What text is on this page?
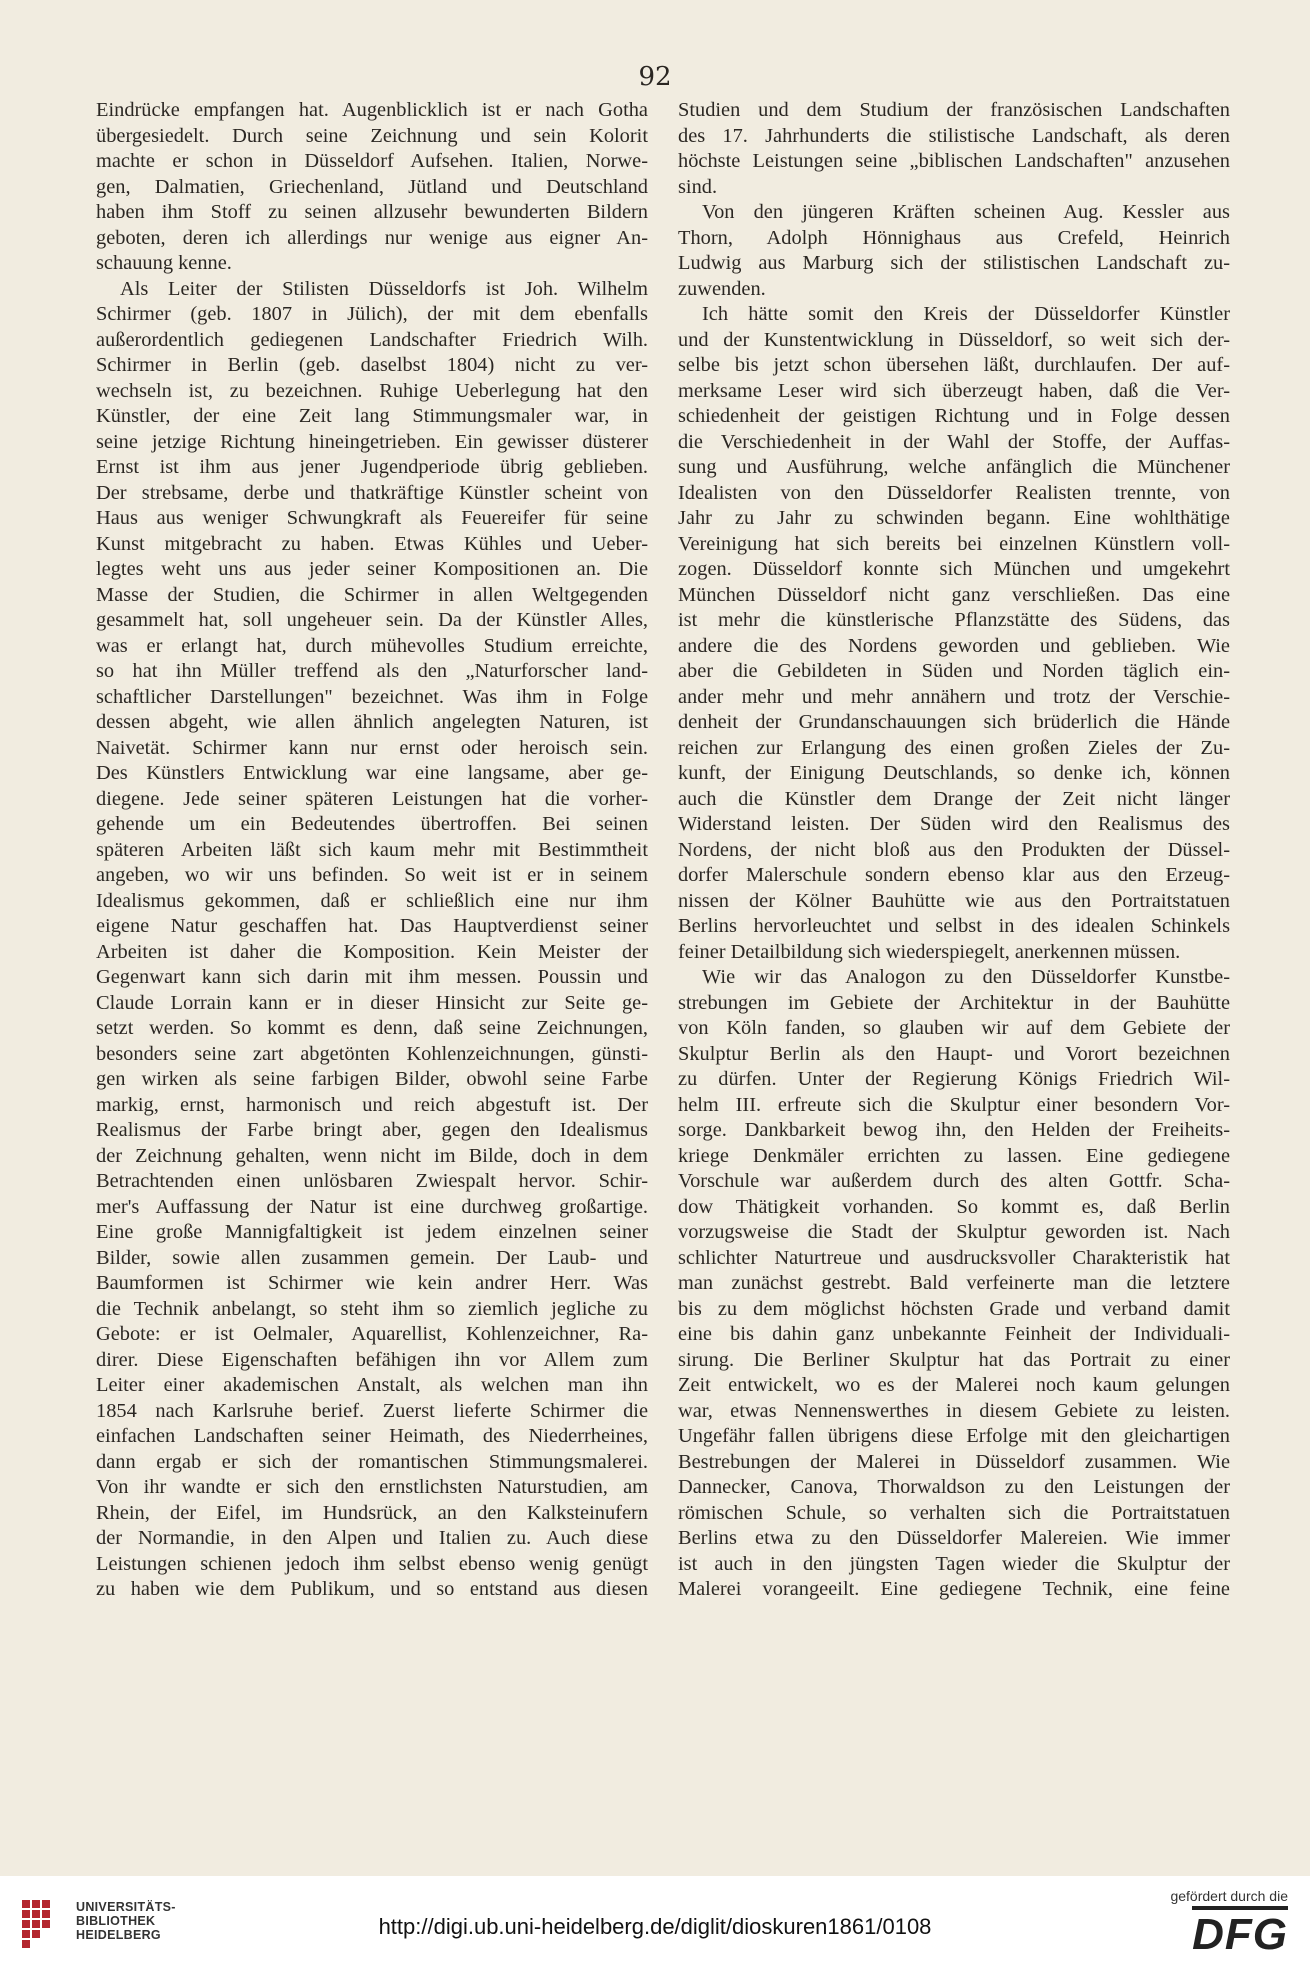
92
Eindrücke empfangen hat. Augenblicklich ist er nach Gotha
übergesiedelt. Durch seine Zeichnung und sein Kolorit
machte er schon in Düsseldorf Aufsehen. Italien, Norwe-
gen, Dalmatien, Griechenland, Jütland und Deutschland
haben ihm Stoff zu seinen allzusehr bewunderten Bildern
geboten, deren ich allerdings nur wenige aus eigner An-
schauung kenne.
Als Leiter der Stilisten Düsseldorfs ist Joh. Wilhelm
Schirmer (geb. 1807 in Jülich), der mit dem ebenfalls
außerordentlich gediegenen Landschafter Friedrich Wilh.
Schirmer in Berlin (geb. daselbst 1804) nicht zu ver-
wechseln ist, zu bezeichnen. Ruhige Ueberlegung hat den
Künstler, der eine Zeit lang Stimmungsmaler war, in
seine jetzige Richtung hineingetrieben. Ein gewisser düsterer
Ernst ist ihm aus jener Jugendperiode übrig geblieben.
Der strebsame, derbe und thatkräftige Künstler scheint von
Haus aus weniger Schwungkraft als Feuereifer für seine
Kunst mitgebracht zu haben. Etwas Kühles und Ueber-
legtes weht uns aus jeder seiner Kompositionen an. Die
Masse der Studien, die Schirmer in allen Weltgegenden
gesammelt hat, soll ungeheuer sein. Da der Künstler Alles,
was er erlangt hat, durch mühevolles Studium erreichte,
so hat ihn Müller treffend als den „Naturforscher land-
schaftlicher Darstellungen" bezeichnet. Was ihm in Folge
dessen abgeht, wie allen ähnlich angelegten Naturen, ist
Naivetät. Schirmer kann nur ernst oder heroisch sein.
Des Künstlers Entwicklung war eine langsame, aber ge-
diegene. Jede seiner späteren Leistungen hat die vorher-
gehende um ein Bedeutendes übertroffen. Bei seinen
späteren Arbeiten läßt sich kaum mehr mit Bestimmtheit
angeben, wo wir uns befinden. So weit ist er in seinem
Idealismus gekommen, daß er schließlich eine nur ihm
eigene Natur geschaffen hat. Das Hauptverdienst seiner
Arbeiten ist daher die Komposition. Kein Meister der
Gegenwart kann sich darin mit ihm messen. Poussin und
Claude Lorrain kann er in dieser Hinsicht zur Seite ge-
setzt werden. So kommt es denn, daß seine Zeichnungen,
besonders seine zart abgetönten Kohlenzeichnungen, günsti-
gen wirken als seine farbigen Bilder, obwohl seine Farbe
markig, ernst, harmonisch und reich abgestuft ist. Der
Realismus der Farbe bringt aber, gegen den Idealismus
der Zeichnung gehalten, wenn nicht im Bilde, doch in dem
Betrachtenden einen unlösbaren Zwiespalt hervor. Schir-
mer's Auffassung der Natur ist eine durchweg großartige.
Eine große Mannigfaltigkeit ist jedem einzelnen seiner
Bilder, sowie allen zusammen gemein. Der Laub- und
Baumformen ist Schirmer wie kein andrer Herr. Was
die Technik anbelangt, so steht ihm so ziemlich jegliche zu
Gebote: er ist Oelmaler, Aquarellist, Kohlenzeichner, Ra-
direr. Diese Eigenschaften befähigen ihn vor Allem zum
Leiter einer akademischen Anstalt, als welchen man ihn
1854 nach Karlsruhe berief. Zuerst lieferte Schirmer die
einfachen Landschaften seiner Heimath, des Niederrheines,
dann ergab er sich der romantischen Stimmungsmalerei.
Von ihr wandte er sich den ernstlichsten Naturstudien, am
Rhein, der Eifel, im Hundsrück, an den Kalksteinufern
der Normandie, in den Alpen und Italien zu. Auch diese
Leistungen schienen jedoch ihm selbst ebenso wenig genügt
zu haben wie dem Publikum, und so entstand aus diesen
Studien und dem Studium der französischen Landschaften
des 17. Jahrhunderts die stilistische Landschaft, als deren
höchste Leistungen seine „biblischen Landschaften" anzusehen
sind.
Von den jüngeren Kräften scheinen Aug. Kessler aus
Thorn, Adolph Hönnighaus aus Crefeld, Heinrich
Ludwig aus Marburg sich der stilistischen Landschaft zu-
zuwenden.
Ich hätte somit den Kreis der Düsseldorfer Künstler
und der Kunstentwicklung in Düsseldorf, so weit sich der-
selbe bis jetzt schon übersehen läßt, durchlaufen. Der auf-
merksame Leser wird sich überzeugt haben, daß die Ver-
schiedenheit der geistigen Richtung und in Folge dessen
die Verschiedenheit in der Wahl der Stoffe, der Auffas-
sung und Ausführung, welche anfänglich die Münchener
Idealisten von den Düsseldorfer Realisten trennte, von
Jahr zu Jahr zu schwinden begann. Eine wohlthätige
Vereinigung hat sich bereits bei einzelnen Künstlern voll-
zogen. Düsseldorf konnte sich München und umgekehrt
München Düsseldorf nicht ganz verschließen. Das eine
ist mehr die künstlerische Pflanzstätte des Südens, das
andere die des Nordens geworden und geblieben. Wie
aber die Gebildeten in Süden und Norden täglich ein-
ander mehr und mehr annähern und trotz der Verschie-
denheit der Grundanschauungen sich brüderlich die Hände
reichen zur Erlangung des einen großen Zieles der Zu-
kunft, der Einigung Deutschlands, so denke ich, können
auch die Künstler dem Drange der Zeit nicht länger
Widerstand leisten. Der Süden wird den Realismus des
Nordens, der nicht bloß aus den Produkten der Düssel-
dorfer Malerschule sondern ebenso klar aus den Erzeug-
nissen der Kölner Bauhütte wie aus den Portraitstatuen
Berlins hervorleuchtet und selbst in des idealen Schinkels
feiner Detailbildung sich wiederspiegelt, anerkennen müssen.
Wie wir das Analogon zu den Düsseldorfer Kunstbe-
strebungen im Gebiete der Architektur in der Bauhütte
von Köln fanden, so glauben wir auf dem Gebiete der
Skulptur Berlin als den Haupt- und Vorort bezeichnen
zu dürfen. Unter der Regierung Königs Friedrich Wil-
helm III. erfreute sich die Skulptur einer besondern Vor-
sorge. Dankbarkeit bewog ihn, den Helden der Freiheits-
kriege Denkmäler errichten zu lassen. Eine gediegene
Vorschule war außerdem durch des alten Gottfr. Scha-
dow Thätigkeit vorhanden. So kommt es, daß Berlin
vorzugsweise die Stadt der Skulptur geworden ist. Nach
schlichter Naturtreue und ausdrucksvoller Charakteristik hat
man zunächst gestrebt. Bald verfeinerte man die letztere
bis zu dem möglichst höchsten Grade und verband damit
eine bis dahin ganz unbekannte Feinheit der Individuali-
sirung. Die Berliner Skulptur hat das Portrait zu einer
Zeit entwickelt, wo es der Malerei noch kaum gelungen
war, etwas Nennenswerthes in diesem Gebiete zu leisten.
Ungefähr fallen übrigens diese Erfolge mit den gleichartigen
Bestrebungen der Malerei in Düsseldorf zusammen. Wie
Dannecker, Canova, Thorwaldson zu den Leistungen der
römischen Schule, so verhalten sich die Portraitstatuen
Berlins etwa zu den Düsseldorfer Malereien. Wie immer
ist auch in den jüngsten Tagen wieder die Skulptur der
Malerei vorangeeilt. Eine gediegene Technik, eine feine
UNIVERSITÄTS-
BIBLIOTHEK
HEIDELBERG	http://digi.ub.uni-heidelberg.de/diglit/dioskuren1861/0108
gefördert durch die
DFG
